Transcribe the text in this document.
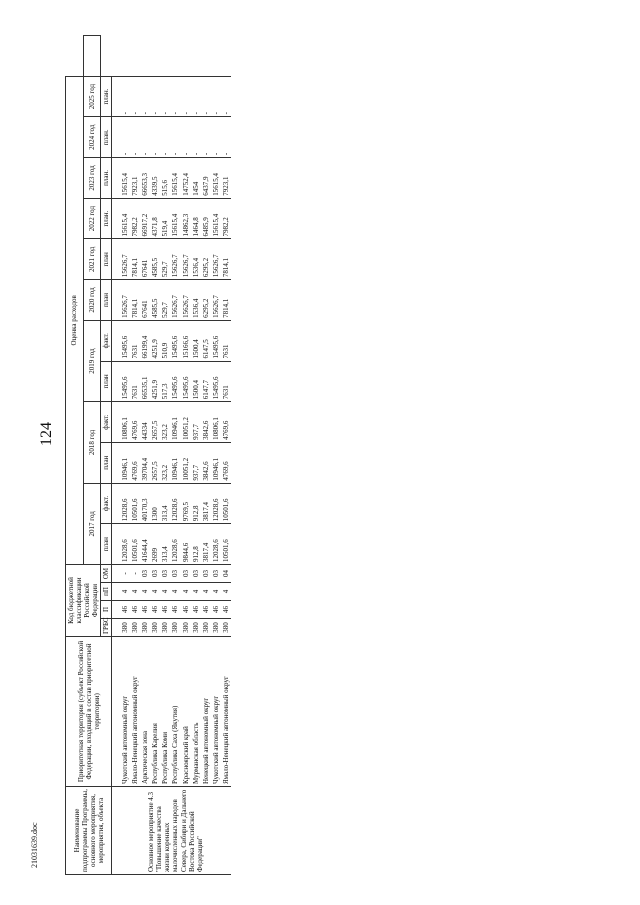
124
21031639.doc	Наименование подпрограммы Программы, основного мероприятия, мероприятия, объекта	Приоритетная территория (субъект Российской Федерации, входящий в состав приоритетной территории)	Код бюджетной классификации Российской Федерации				Оценка расходов												
						2017 год		2018 год		2019 год		2020 год	2021 год	2022 год	2023 год	2024 год	2025 год	
		ГРБС	П	пП	ОМ	план	факт.	план	факт.	план	факт.	план	план	план.	план.	план.	план.	

Основное мероприятие 4.3 "Повышение качества жизни коренных малочисленных народов Севера, Сибири и Дальнего Востока Российской Федерации"	Чукотский автономный округ	380	46	4	-	12028,6	12028,6	10946,1	10806,1	15495,6	15495,6	15626,7	15626,7	15615,4	15615,4	-	-	
	Ямало-Ненецкий автономный округ	380	46	4	-	10501,6	10501,6	4769,6	4769,6	7631	7631	7814,1	7814,1	7982,2	7923,1	-	-	
	Арктическая зона	380	46	4	03	41644,4	40170,3	39704,4	44334	66535,1	66199,4	67641	67641	66917,2	66653,3	-	-	
	Республика Карелия	380	46	4	03	2699	1300	2657,5	2657,5	4251,9	4251,9	4585,5	4585,5	4371,8	4339,5	-	-	
	Республика Коми	380	46	4	03	313,4	313,4	323,2	323,2	517,3	510,9	529,7	529,7	519,4	515,6	-	-	
	Республика Саха (Якутия)	380	46	4	03	12028,6	12028,6	10946,1	10946,1	15495,6	15495,6	15626,7	15626,7	15615,4	15615,4	-	-	
	Красноярский край	380	46	4	03	9844,6	9769,5	10051,2	10051,2	15495,6	15166,6	15626,7	15626,7	14862,3	14752,4	-	-	
	Мурманская область	380	46	4	03	912,8	912,8	937,7	937,7	1500,4	1500,4	1536,4	1536,4	1464,8	1454	-	-	
	Ненецкий автономный округ	380	46	4	03	3817,4	3817,4	3842,6	3842,6	6147,7	6147,5	6295,2	6295,2	6485,9	6437,9	-	-	
	Чукотский автономный округ	380	46	4	03	12028,6	12028,6	10946,1	10806,1	15495,6	15495,6	15626,7	15626,7	15615,4	15615,4	-	-	
	Ямало-Ненецкий автономный округ	380	46	4	04	10501,6	10501,6	4769,6	4769,6	7631	7631	7814,1	7814,1	7982,2	7923,1	-	-	
